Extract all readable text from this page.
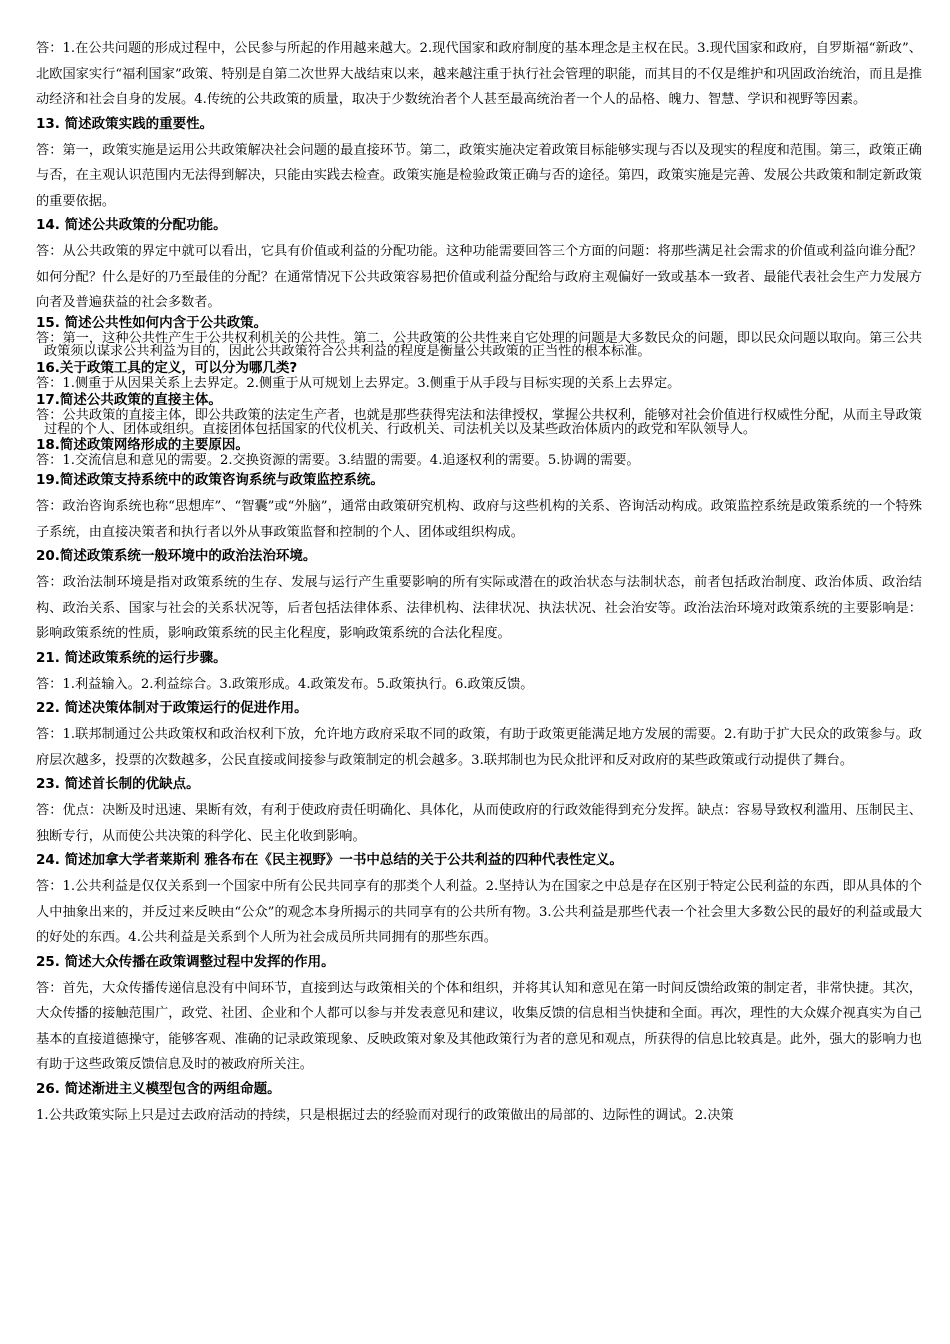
答：1.在公共问题的形成过程中，公民参与所起的作用越来越大。2.现代国家和政府制度的基本理念是主权在民。3.现代国家和政府，自罗斯福“新政”、北欧国家实行“福利国家”政策、特别是自第二次世界大战结束以来，越来越注重于执行社会管理的职能，而其目的不仅是维护和巩固政治统治，而且是推动经济和社会自身的发展。4.传统的公共政策的质量，取决于少数统治者个人甚至最高统治者一个人的品格、魄力、智慧、学识和视野等因素。

13. 简述政策实践的重要性。

答：第一，政策实施是运用公共政策解决社会问题的最直接环节。第二，政策实施决定着政策目标能够实现与否以及现实的程度和范围。第三，政策正确与否，在主观认识范围内无法得到解决，只能由实践去检查。政策实施是检验政策正确与否的途径。第四，政策实施是完善、发展公共政策和制定新政策的重要依据。

14. 简述公共政策的分配功能。

答：从公共政策的界定中就可以看出，它具有价值或利益的分配功能。这种功能需要回答三个方面的问题：将那些满足社会需求的价值或利益向谁分配？如何分配？什么是好的乃至最佳的分配？在通常情况下公共政策容易把价值或利益分配给与政府主观偏好一致或基本一致者、最能代表社会生产力发展方向者及普遍获益的社会多数者。

15. 简述公共性如何内含于公共政策。

答：第一，这种公共性产生于公共权利机关的公共性。第二，公共政策的公共性来自它处理的问题是大多数民众的问题，即以民众问题以取向。第三公共政策须以谋求公共利益为目的，因此公共政策符合公共利益的程度是衡量公共政策的正当性的根本标准。

16.关于政策工具的定义，可以分为哪几类?

答：1.侧重于从因果关系上去界定。2.侧重于从可规划上去界定。3.侧重于从手段与目标实现的关系上去界定。

17.简述公共政策的直接主体。

答：公共政策的直接主体，即公共政策的法定生产者，也就是那些获得宪法和法律授权，掌握公共权利，能够对社会价值进行权威性分配，从而主导政策过程的个人、团体或组织。直接团体包括国家的代仪机关、行政机关、司法机关以及某些政治体质内的政党和军队领导人。

18.简述政策网络形成的主要原因。

答：1.交流信息和意见的需要。2.交换资源的需要。3.结盟的需要。4.追逐权利的需要。5.协调的需要。

19.简述政策支持系统中的政策咨询系统与政策监控系统。

答：政治咨询系统也称“思想库”、“智囊”或“外脑”，通常由政策研究机构、政府与这些机构的关系、咨询活动构成。政策监控系统是政策系统的一个特殊子系统，由直接决策者和执行者以外从事政策监督和控制的个人、团体或组织构成。

20.简述政策系统一般环境中的政治法治环境。

答：政治法制环境是指对政策系统的生存、发展与运行产生重要影响的所有实际或潜在的政治状态与法制状态，前者包括政治制度、政治体质、政治结构、政治关系、国家与社会的关系状况等，后者包括法律体系、法律机构、法律状况、执法状况、社会治安等。政治法治环境对政策系统的主要影响是：影响政策系统的性质，影响政策系统的民主化程度，影响政策系统的合法化程度。

21. 简述政策系统的运行步骤。

答：1.利益输入。2.利益综合。3.政策形成。4.政策发布。5.政策执行。6.政策反馈。

22. 简述决策体制对于政策运行的促进作用。

答：1.联邦制通过公共政策权和政治权利下放，允许地方政府采取不同的政策，有助于政策更能满足地方发展的需要。2.有助于扩大民众的政策参与。政府层次越多，投票的次数越多，公民直接或间接参与政策制定的机会越多。3.联邦制也为民众批评和反对政府的某些政策或行动提供了舞台。

23. 简述首长制的优缺点。

答：优点：决断及时迅速、果断有效，有利于使政府责任明确化、具体化，从而使政府的行政效能得到充分发挥。缺点：容易导致权利滥用、压制民主、独断专行，从而使公共决策的科学化、民主化收到影响。

24. 简述加拿大学者莱斯利 雅各布在《民主视野》一书中总结的关于公共利益的四种代表性定义。

答：1.公共利益是仅仅关系到一个国家中所有公民共同享有的那类个人利益。2.坚持认为在国家之中总是存在区别于特定公民利益的东西，即从具体的个人中抽象出来的，并反过来反映由“公众”的观念本身所揭示的共同享有的公共所有物。3.公共利益是那些代表一个社会里大多数公民的最好的利益或最大的好处的东西。4.公共利益是关系到个人所为社会成员所共同拥有的那些东西。

25. 简述大众传播在政策调整过程中发挥的作用。

答：首先，大众传播传递信息没有中间环节，直接到达与政策相关的个体和组织，并将其认知和意见在第一时间反馈给政策的制定者，非常快捷。其次，大众传播的接触范围广，政党、社团、企业和个人都可以参与并发表意见和建议，收集反馈的信息相当快捷和全面。再次，理性的大众媒介视真实为自己基本的直接道德操守，能够客观、准确的记录政策现象、反映政策对象及其他政策行为者的意见和观点，所获得的信息比较真是。此外，强大的影响力也有助于这些政策反馈信息及时的被政府所关注。

26. 简述渐进主义模型包含的两组命题。

1.公共政策实际上只是过去政府活动的持续，只是根据过去的经验而对现行的政策做出的局部的、边际性的调试。2.决策
